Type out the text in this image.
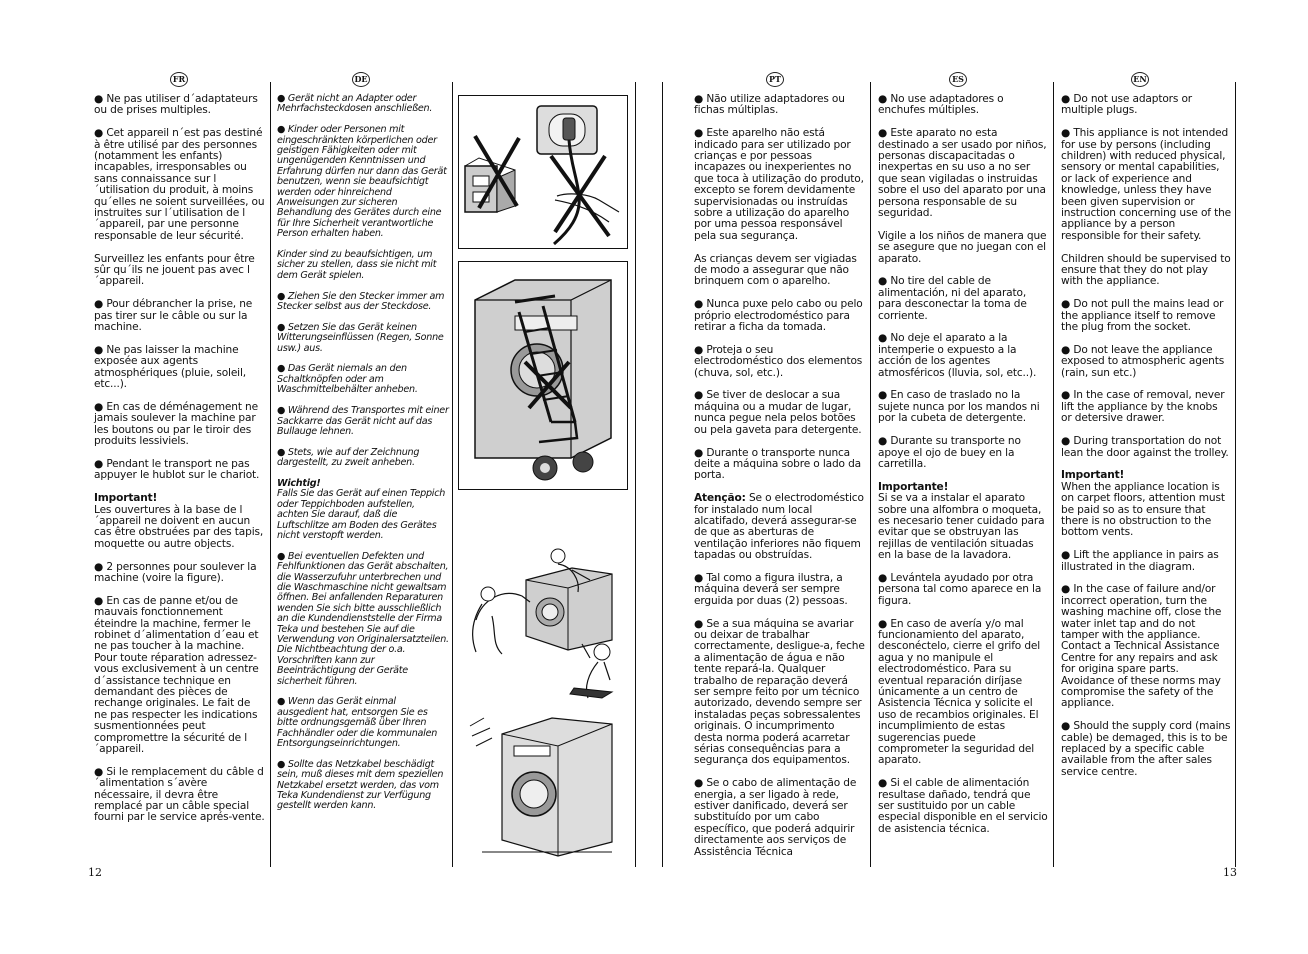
FR	DE	PT	ES	EN

● Ne pas utiliser d´adaptateurs ou de prises multiples.

● Cet appareil n´est pas destiné à être utilisé par des personnes (notamment les enfants) incapables, irresponsables ou sans connaissance sur l´utilisation du produit, à moins qu´elles ne soient surveillées, ou instruites sur l´utilisation de l´appareil, par une personne responsable de leur sécurité.

Surveillez les enfants pour être sûr qu´ils ne jouent pas avec l´appareil.

● Pour débrancher la prise, ne pas tirer sur le câble ou sur la machine.

● Ne pas laisser la machine exposée aux agents atmosphériques (pluie, soleil, etc...).

● En cas de déménagement ne jamais soulever la machine par les boutons ou par le tiroir des produits lessiviels.

● Pendant le transport ne pas appuyer le hublot sur le chariot.

Important!
Les ouvertures à la base de l´appareil ne doivent en aucun cas être obstruées par des tapis, moquette ou autre objects.

● 2 personnes pour soulever la machine (voire la figure).

● En cas de panne et/ou de mauvais fonctionnement éteindre la machine, fermer le robinet d´alimentation d´eau et ne pas toucher à la machine. Pour toute réparation adressez-vous exclusivement à un centre d´assistance technique en demandant des pièces de rechange originales. Le fait de ne pas respecter les indications susmentionnées peut compromettre la sécurité de l´appareil.

● Si le remplacement du câble d´alimentation s´avère nécessaire, il devra être remplacé par un câble special fourni par le service aprés-vente.

● Gerät nicht an Adapter oder Mehrfachsteckdosen anschließen.

● Kinder oder Personen mit eingeschränkten körperlichen oder geistigen Fähigkeiten oder mit ungenügenden Kenntnissen und Erfahrung dürfen nur dann das Gerät benutzen, wenn sie beaufsichtigt werden oder hinreichend Anweisungen zur sicheren Behandlung des Gerätes durch eine für Ihre Sicherheit verantwortliche Person erhalten haben.

Kinder sind zu beaufsichtigen, um sicher zu stellen, dass sie nicht mit dem Gerät spielen.

● Ziehen Sie den Stecker immer am Stecker selbst aus der Steckdose.

● Setzen Sie das Gerät keinen Witterungseinflüssen (Regen, Sonne usw.) aus.

● Das Gerät niemals an den Schaltknöpfen oder am Waschmittelbehälter anheben.

● Während des Transportes mit einer Sackkarre das Gerät nicht auf das Bullauge lehnen.

● Stets, wie auf der Zeichnung dargestellt, zu zweit anheben.

Wichtig!
Falls Sie das Gerät auf einen Teppich oder Teppichboden aufstellen, achten Sie darauf, daß die Luftschlitze am Boden des Gerätes nicht verstopft werden.

● Bei eventuellen Defekten und Fehlfunktionen das Gerät abschalten, die Wasserzufuhr unterbrechen und die Waschmaschine nicht gewaltsam öffnen. Bei anfallenden Reparaturen wenden Sie sich bitte ausschließlich an die Kundendienststelle der Firma Teka und bestehen Sie auf die Verwendung von Originalersatzteilen. Die Nichtbeachtung der o.a. Vorschriften kann zur Beeinträchtigung der Geräte sicherheit führen.

● Wenn das Gerät einmal ausgedient hat, entsorgen Sie es bitte ordnungsgemäß über Ihren Fachhändler oder die kommunalen Entsorgungseinrichtungen.

● Sollte das Netzkabel beschädigt sein, muß dieses mit dem speziellen Netzkabel ersetzt werden, das vom Teka Kundendienst zur Verfügung gestellt werden kann.

● Não utilize adaptadores ou fichas múltiplas.

● Este aparelho não está indicado para ser utilizado por crianças e por pessoas incapazes ou inexperientes no que toca à utilização do produto, excepto se forem devidamente supervisionadas ou instruídas sobre a utilização do aparelho por uma pessoa responsável pela sua segurança.

As crianças devem ser vigiadas de modo a assegurar que não brinquem com o aparelho.

● Nunca puxe pelo cabo ou pelo próprio electrodoméstico para retirar a ficha da tomada.

● Proteja o seu electrodoméstico dos elementos (chuva, sol, etc.).

● Se tiver de deslocar a sua máquina ou a mudar de lugar, nunca pegue nela pelos botões ou pela gaveta para detergente.

● Durante o transporte nunca deite a máquina sobre o lado da porta.

Atenção: Se o electrodoméstico for instalado num local alcatifado, deverá assegurar-se de que as aberturas de ventilação inferiores não fiquem tapadas ou obstruídas.

● Tal como a figura ilustra, a máquina deverá ser sempre erguida por duas (2) pessoas.

● Se a sua máquina se avariar ou deixar de trabalhar correctamente, desligue-a, feche a alimentação de água e não tente repará-la. Qualquer trabalho de reparação deverá ser sempre feito por um técnico autorizado, devendo sempre ser instaladas peças sobressalentes originais. O incumprimento desta norma poderá acarretar sérias consequências para a segurança dos equipamentos.

● Se o cabo de alimentação de energia, a ser ligado à rede, estiver danificado, deverá ser substituído por um cabo específico, que poderá adquirir directamente aos serviços de Assistência Técnica

● No use adaptadores o enchufes múltiples.

● Este aparato no esta destinado a ser usado por niños, personas discapacitadas o inexpertas en su uso a no ser que sean vigiladas o instruidas sobre el uso del aparato por una persona responsable de su seguridad.

Vigile a los niños de manera que se asegure que no juegan con el aparato.

● No tire del cable de alimentación, ni del aparato, para desconectar la toma de corriente.

● No deje el aparato a la intemperie o expuesto a la acción de los agentes atmosféricos (lluvia, sol, etc..).

● En caso de traslado no la sujete nunca por los mandos ni por la cubeta de detergente.

● Durante su transporte no apoye el ojo de buey en la carretilla.

Importante!
Si se va a instalar el aparato sobre una alfombra o moqueta, es necesario tener cuidado para evitar que se obstruyan las rejillas de ventilación situadas en la base de la lavadora.

● Levántela ayudado por otra persona tal como aparece en la figura.

● En caso de avería y/o mal funcionamiento del aparato, desconéctelo, cierre el grifo del agua y no manipule el electrodoméstico. Para su eventual reparación diríjase únicamente a un centro de Asistencia Técnica y solicite el uso de recambios originales. El incumplimiento de estas sugerencias puede comprometer la seguridad del aparato.

● Si el cable de alimentación resultase dañado, tendrá que ser sustituido por un cable especial disponible en el servicio de asistencia técnica.

● Do not use adaptors or multiple plugs.

● This appliance is not intended for use by persons (including children) with reduced physical, sensory or mental capabilities, or lack of experience and knowledge, unless they have been given supervision or instruction concerning use of the appliance by a person responsible for their safety.

Children should be supervised to ensure that they do not play with the appliance.

● Do not pull the mains lead or the appliance itself to remove the plug from the socket.

● Do not leave the appliance exposed to atmospheric agents (rain, sun etc.)

● In the case of removal, never lift the appliance by the knobs or detersive drawer.

● During transportation do not lean the door against the trolley.

Important!
When the appliance location is on carpet floors, attention must be paid so as to ensure that there is no obstruction to the bottom vents.

● Lift the appliance in pairs as illustrated in the diagram.

● In the case of failure and/or incorrect operation, turn the washing machine off, close the water inlet tap and do not tamper with the appliance. Contact a Technical Assistance Centre for any repairs and ask for origina spare parts. Avoidance of these norms may compromise the safety of the appliance.

● Should the supply cord (mains cable) be demaged, this is to be replaced by a specific cable available from the after sales service centre.

12	13
